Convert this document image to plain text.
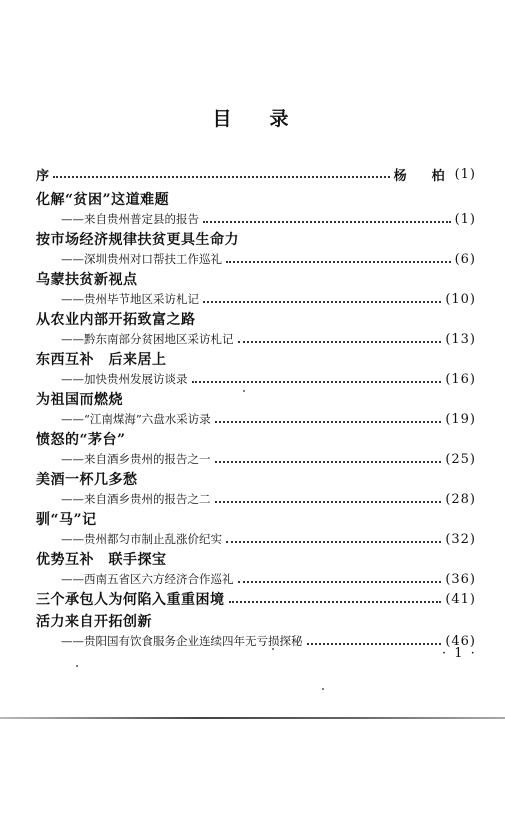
目 录
序	杨　柏 (1)
化解“贫困”这道难题
——来自贵州普定县的报告	(1)
按市场经济规律扶贫更具生命力
——深圳贵州对口帮扶工作巡礼	(6)
乌蒙扶贫新视点
——贵州毕节地区采访札记	(10)
从农业内部开拓致富之路
——黔东南部分贫困地区采访札记	(13)
东西互补　后来居上
——加快贵州发展访谈录	(16)
为祖国而燃烧
——“江南煤海”六盘水采访录	(19)
愤怒的“茅台”
——来自酒乡贵州的报告之一	(25)
美酒一杯几多愁
——来自酒乡贵州的报告之二	(28)
驯“马”记
——贵州都匀市制止乱涨价纪实	(32)
优势互补　联手探宝
——西南五省区六方经济合作巡礼	(36)
三个承包人为何陷入重重困境	(41)
活力来自开拓创新
——贵阳国有饮食服务企业连续四年无亏损探秘	(46)
· 1 ·
